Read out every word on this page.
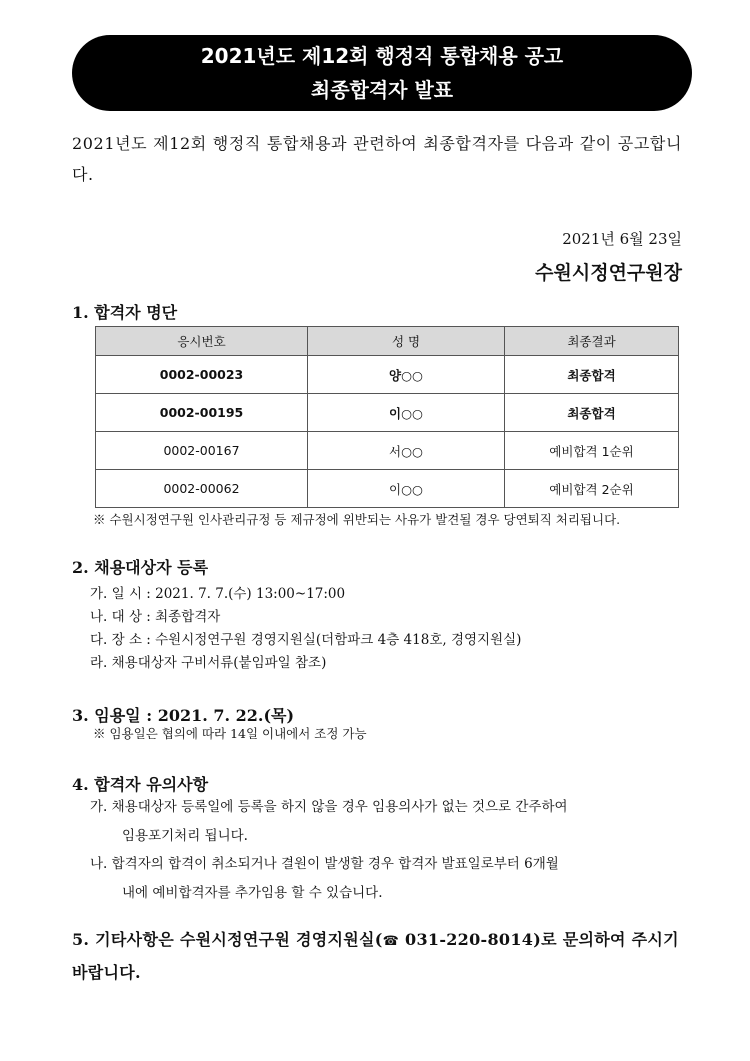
2021년도 제12회 행정직 통합채용 공고
최종합격자 발표
2021년도 제12회 행정직 통합채용과 관련하여 최종합격자를 다음과 같이 공고합니다.
2021년 6월 23일
수원시정연구원장
1. 합격자 명단
응시번호	성 명	최종결과
0002-00023	양○○	최종합격
0002-00195	이○○	최종합격
0002-00167	서○○	예비합격 1순위
0002-00062	이○○	예비합격 2순위
※ 수원시정연구원 인사관리규정 등 제규정에 위반되는 사유가 발견될 경우 당연퇴직 처리됩니다.
2. 채용대상자 등록
가. 일 시 : 2021. 7. 7.(수) 13:00~17:00
나. 대 상 : 최종합격자
다. 장 소 : 수원시정연구원 경영지원실(더함파크 4층 418호, 경영지원실)
라. 채용대상자 구비서류(붙임파일 참조)
3. 임용일 : 2021. 7. 22.(목)
※ 임용일은 협의에 따라 14일 이내에서 조정 가능
4. 합격자 유의사항
가. 채용대상자 등록일에 등록을 하지 않을 경우 임용의사가 없는 것으로 간주하여
임용포기처리 됩니다.
나. 합격자의 합격이 취소되거나 결원이 발생할 경우 합격자 발표일로부터 6개월
내에 예비합격자를 추가임용 할 수 있습니다.
5. 기타사항은 수원시정연구원 경영지원실(☎ 031-220-8014)로 문의하여 주시기 바랍니다.
